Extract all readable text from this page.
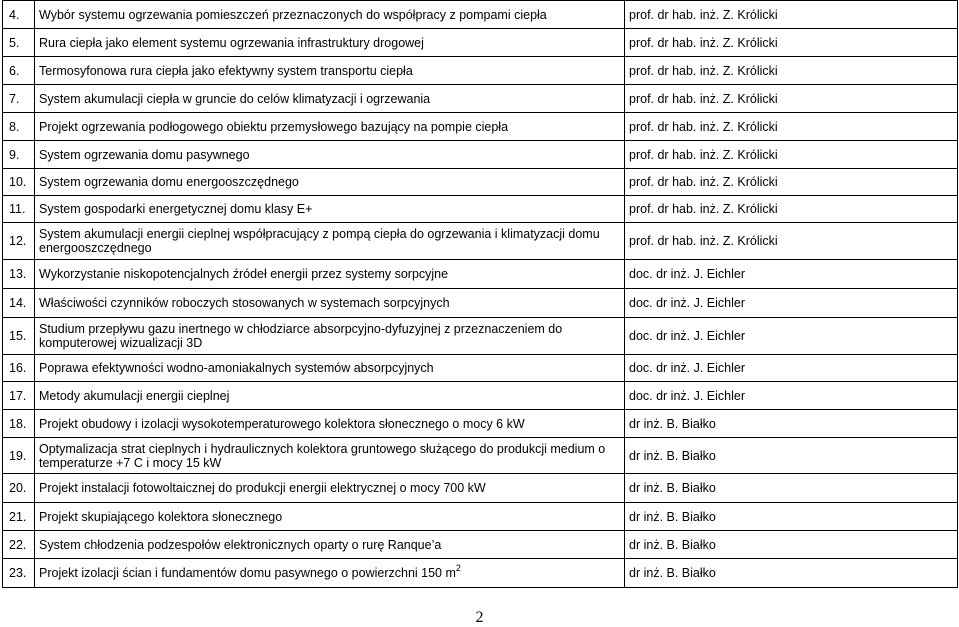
4.	Wybór systemu ogrzewania pomieszczeń przeznaczonych do współpracy z pompami ciepła	prof. dr hab. inż. Z. Królicki
5.	Rura ciepła jako element systemu ogrzewania infrastruktury drogowej	prof. dr hab. inż. Z. Królicki
6.	Termosyfonowa rura ciepła jako efektywny system transportu ciepła	prof. dr hab. inż. Z. Królicki
7.	System akumulacji ciepła w gruncie do celów klimatyzacji i ogrzewania	prof. dr hab. inż. Z. Królicki
8.	Projekt ogrzewania podłogowego obiektu przemysłowego bazujący na pompie ciepła	prof. dr hab. inż. Z. Królicki
9.	System ogrzewania domu pasywnego	prof. dr hab. inż. Z. Królicki
10.	System ogrzewania domu energooszczędnego	prof. dr hab. inż. Z. Królicki
11.	System gospodarki energetycznej domu klasy E+	prof. dr hab. inż. Z. Królicki
12.	System akumulacji energii cieplnej współpracujący z pompą ciepła do ogrzewania i klimatyzacji domu energooszczędnego	prof. dr hab. inż. Z. Królicki
13.	Wykorzystanie niskopotencjalnych źródeł energii przez systemy sorpcyjne	doc. dr inż. J. Eichler
14.	Właściwości czynników roboczych stosowanych w systemach sorpcyjnych	doc. dr inż. J. Eichler
15.	Studium przepływu gazu inertnego w chłodziarce absorpcyjno-dyfuzyjnej z przeznaczeniem do komputerowej wizualizacji 3D	doc. dr inż. J. Eichler
16.	Poprawa efektywności wodno-amoniakalnych systemów absorpcyjnych	doc. dr inż. J. Eichler
17.	Metody akumulacji energii cieplnej	doc. dr inż. J. Eichler
18.	Projekt obudowy i izolacji wysokotemperaturowego kolektora słonecznego o mocy 6 kW	dr inż. B. Białko
19.	Optymalizacja strat cieplnych i hydraulicznych kolektora gruntowego służącego do produkcji medium o temperaturze +7 C i mocy 15 kW	dr inż. B. Białko
20.	Projekt instalacji fotowoltaicznej do produkcji energii elektrycznej o mocy 700 kW	dr inż. B. Białko
21.	Projekt skupiającego kolektora słonecznego	dr inż. B. Białko
22.	System chłodzenia podzespołów elektronicznych oparty o rurę Ranque’a	dr inż. B. Białko
23.	Projekt izolacji ścian i fundamentów domu pasywnego o powierzchni 150 $m^2$	dr inż. B. Białko
2
